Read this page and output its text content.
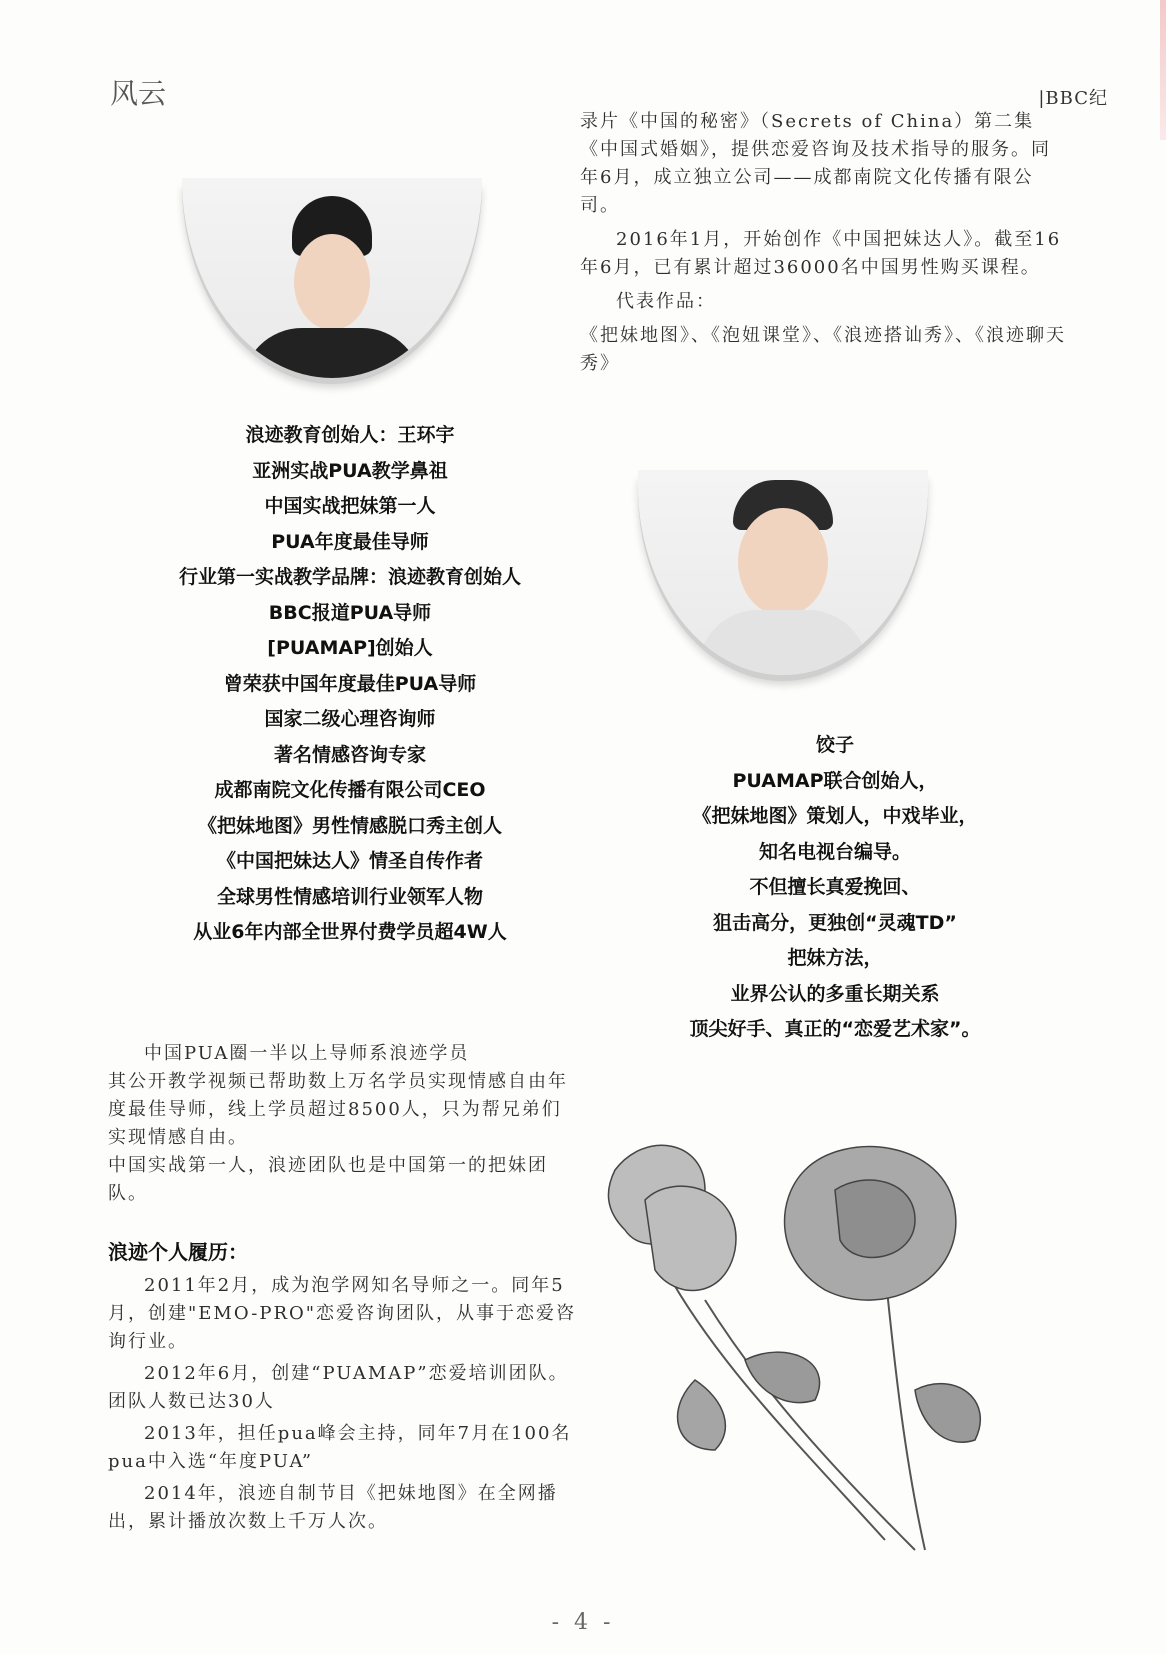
风云	|BBC纪

录片《中国的秘密》（Secrets of China）第二集《中国式婚姻》，提供恋爱咨询及技术指导的服务。同年6月，成立独立公司——成都南院文化传播有限公司。

2016年1月，开始创作《中国把妹达人》。截至16年6月，已有累计超过36000名中国男性购买课程。

代表作品：

《把妹地图》、《泡妞课堂》、《浪迹搭讪秀》、《浪迹聊天秀》

浪迹教育创始人：王环宇
亚洲实战PUA教学鼻祖
中国实战把妹第一人
PUA年度最佳导师
行业第一实战教学品牌：浪迹教育创始人
BBC报道PUA导师
[PUAMAP]创始人
曾荣获中国年度最佳PUA导师
国家二级心理咨询师
著名情感咨询专家
成都南院文化传播有限公司CEO
《把妹地图》男性情感脱口秀主创人
《中国把妹达人》情圣自传作者
全球男性情感培训行业领军人物
从业6年内部全世界付费学员超4W人
饺子
PUAMAP联合创始人，
《把妹地图》策划人，中戏毕业，
知名电视台编导。
不但擅长真爱挽回、
狙击高分，更独创“灵魂TD”
把妹方法，
业界公认的多重长期关系
顶尖好手、真正的“恋爱艺术家”。

中国PUA圈一半以上导师系浪迹学员

其公开教学视频已帮助数上万名学员实现情感自由年度最佳导师，线上学员超过8500人，只为帮兄弟们实现情感自由。

中国实战第一人，浪迹团队也是中国第一的把妹团队。

浪迹个人履历：

2011年2月，成为泡学网知名导师之一。同年5月，创建"EMO-PRO"恋爱咨询团队，从事于恋爱咨询行业。

2012年6月，创建“PUAMAP”恋爱培训团队。团队人数已达30人

2013年，担任pua峰会主持，同年7月在100名pua中入选“年度PUA”

2014年，浪迹自制节目《把妹地图》在全网播出，累计播放次数上千万人次。

- 4 -
